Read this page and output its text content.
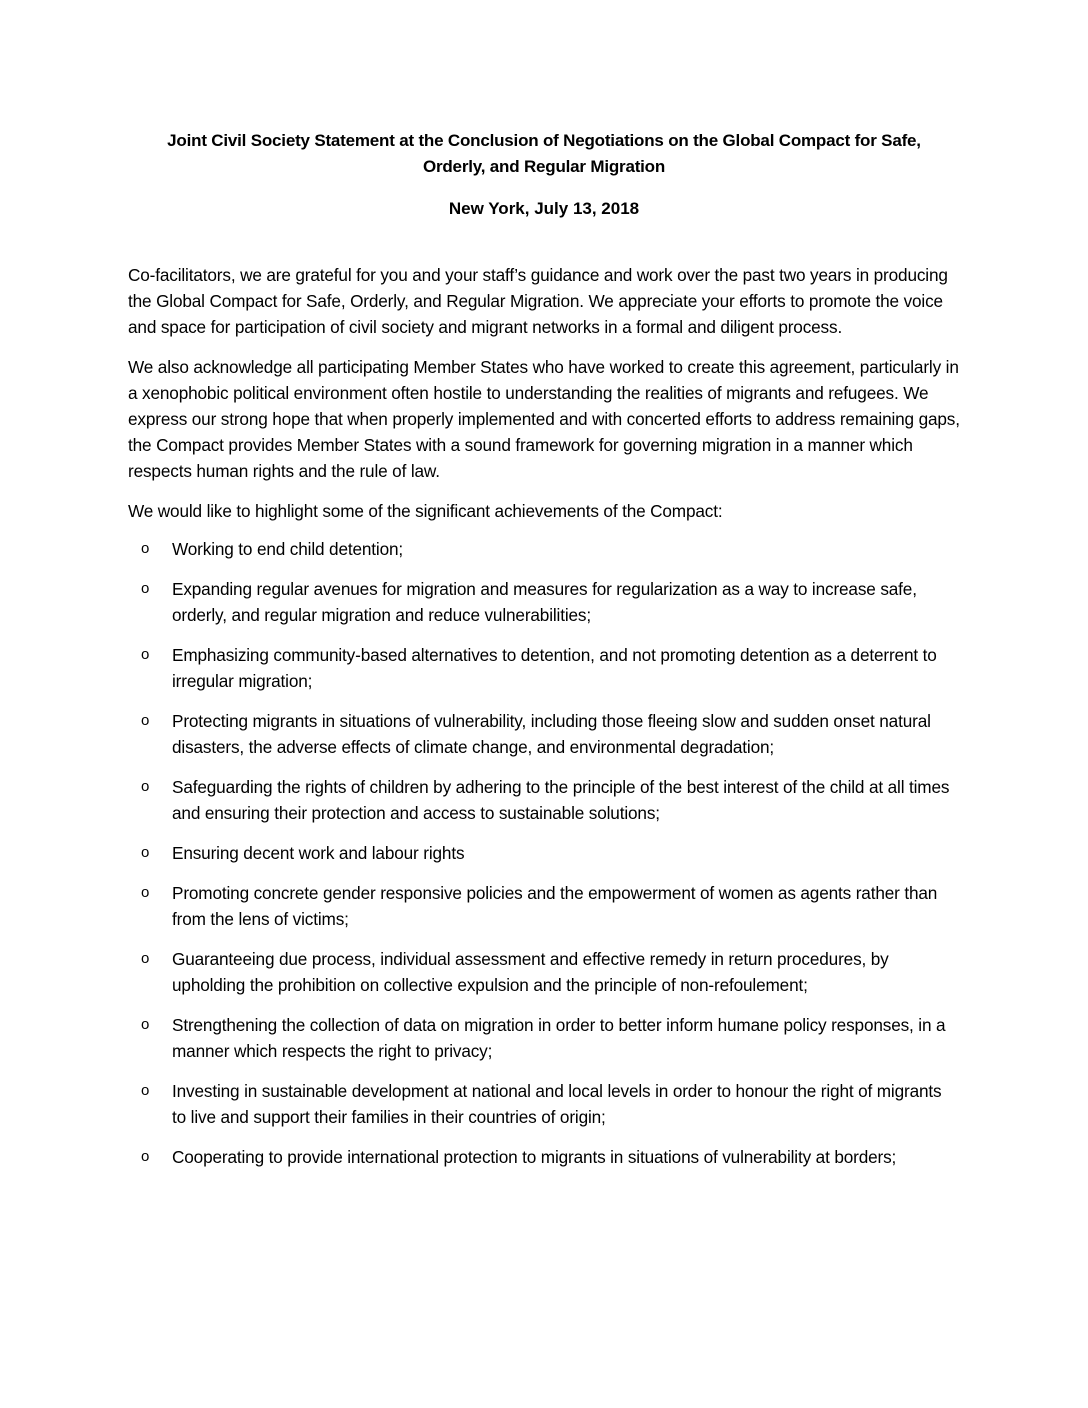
Joint Civil Society Statement at the Conclusion of Negotiations on the Global Compact for Safe, Orderly, and Regular Migration
New York, July 13, 2018

Co-facilitators, we are grateful for you and your staff’s guidance and work over the past two years in producing the Global Compact for Safe, Orderly, and Regular Migration. We appreciate your efforts to promote the voice and space for participation of civil society and migrant networks in a formal and diligent process.

We also acknowledge all participating Member States who have worked to create this agreement, particularly in a xenophobic political environment often hostile to understanding the realities of migrants and refugees. We express our strong hope that when properly implemented and with concerted efforts to address remaining gaps, the Compact provides Member States with a sound framework for governing migration in a manner which respects human rights and the rule of law.

We would like to highlight some of the significant achievements of the Compact:

o Working to end child detention;
o Expanding regular avenues for migration and measures for regularization as a way to increase safe, orderly, and regular migration and reduce vulnerabilities;
o Emphasizing community-based alternatives to detention, and not promoting detention as a deterrent to irregular migration;
o Protecting migrants in situations of vulnerability, including those fleeing slow and sudden onset natural disasters, the adverse effects of climate change, and environmental degradation;
o Safeguarding the rights of children by adhering to the principle of the best interest of the child at all times and ensuring their protection and access to sustainable solutions;
o Ensuring decent work and labour rights
o Promoting concrete gender responsive policies and the empowerment of women as agents rather than from the lens of victims;
o Guaranteeing due process, individual assessment and effective remedy in return procedures, by upholding the prohibition on collective expulsion and the principle of non-refoulement;
o Strengthening the collection of data on migration in order to better inform humane policy responses, in a manner which respects the right to privacy;
o Investing in sustainable development at national and local levels in order to honour the right of migrants to live and support their families in their countries of origin;
o Cooperating to provide international protection to migrants in situations of vulnerability at borders;
